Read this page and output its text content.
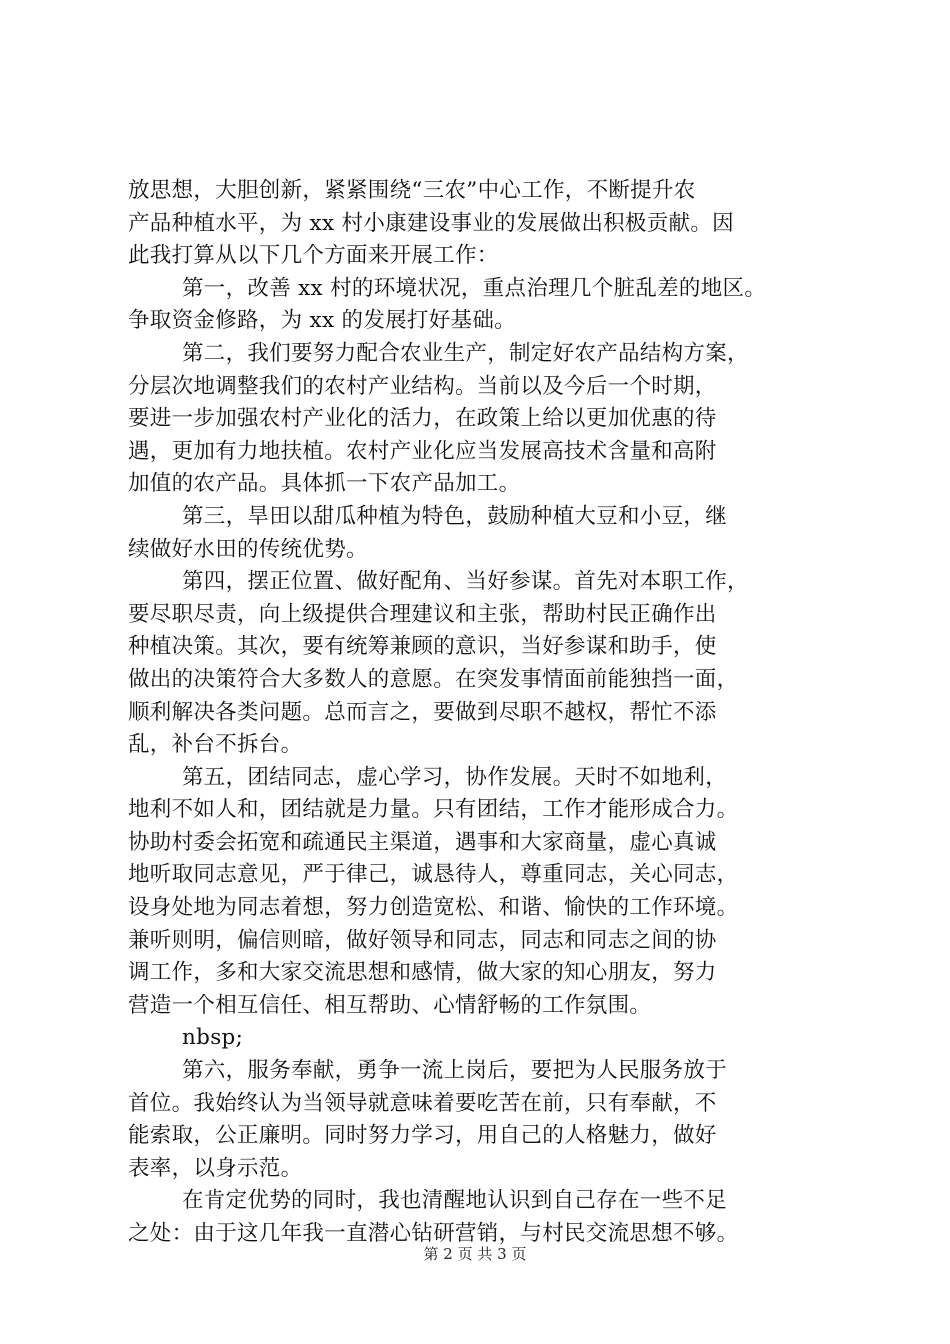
放思想，大胆创新，紧紧围绕“三农”中心工作，不断提升农
产品种植水平，为 xx 村小康建设事业的发展做出积极贡献。因
此我打算从以下几个方面来开展工作：
第一，改善 xx 村的环境状况，重点治理几个脏乱差的地区。
争取资金修路，为 xx 的发展打好基础。
第二，我们要努力配合农业生产，制定好农产品结构方案，
分层次地调整我们的农村产业结构。当前以及今后一个时期，
要进一步加强农村产业化的活力，在政策上给以更加优惠的待
遇，更加有力地扶植。农村产业化应当发展高技术含量和高附
加值的农产品。具体抓一下农产品加工。
第三，旱田以甜瓜种植为特色，鼓励种植大豆和小豆，继
续做好水田的传统优势。
第四，摆正位置、做好配角、当好参谋。首先对本职工作，
要尽职尽责，向上级提供合理建议和主张，帮助村民正确作出
种植决策。其次，要有统筹兼顾的意识，当好参谋和助手，使
做出的决策符合大多数人的意愿。在突发事情面前能独挡一面，
顺利解决各类问题。总而言之，要做到尽职不越权，帮忙不添
乱，补台不拆台。
第五，团结同志，虚心学习，协作发展。天时不如地利，
地利不如人和，团结就是力量。只有团结，工作才能形成合力。
协助村委会拓宽和疏通民主渠道，遇事和大家商量，虚心真诚
地听取同志意见，严于律己，诚恳待人，尊重同志，关心同志，
设身处地为同志着想，努力创造宽松、和谐、愉快的工作环境。
兼听则明，偏信则暗，做好领导和同志，同志和同志之间的协
调工作，多和大家交流思想和感情，做大家的知心朋友，努力
营造一个相互信任、相互帮助、心情舒畅的工作氛围。
nbsp;
第六，服务奉献，勇争一流上岗后，要把为人民服务放于
首位。我始终认为当领导就意味着要吃苦在前，只有奉献，不
能索取，公正廉明。同时努力学习，用自己的人格魅力，做好
表率，以身示范。
在肯定优势的同时，我也清醒地认识到自己存在一些不足
之处：由于这几年我一直潜心钻研营销，与村民交流思想不够。
第 2 页 共 3 页
